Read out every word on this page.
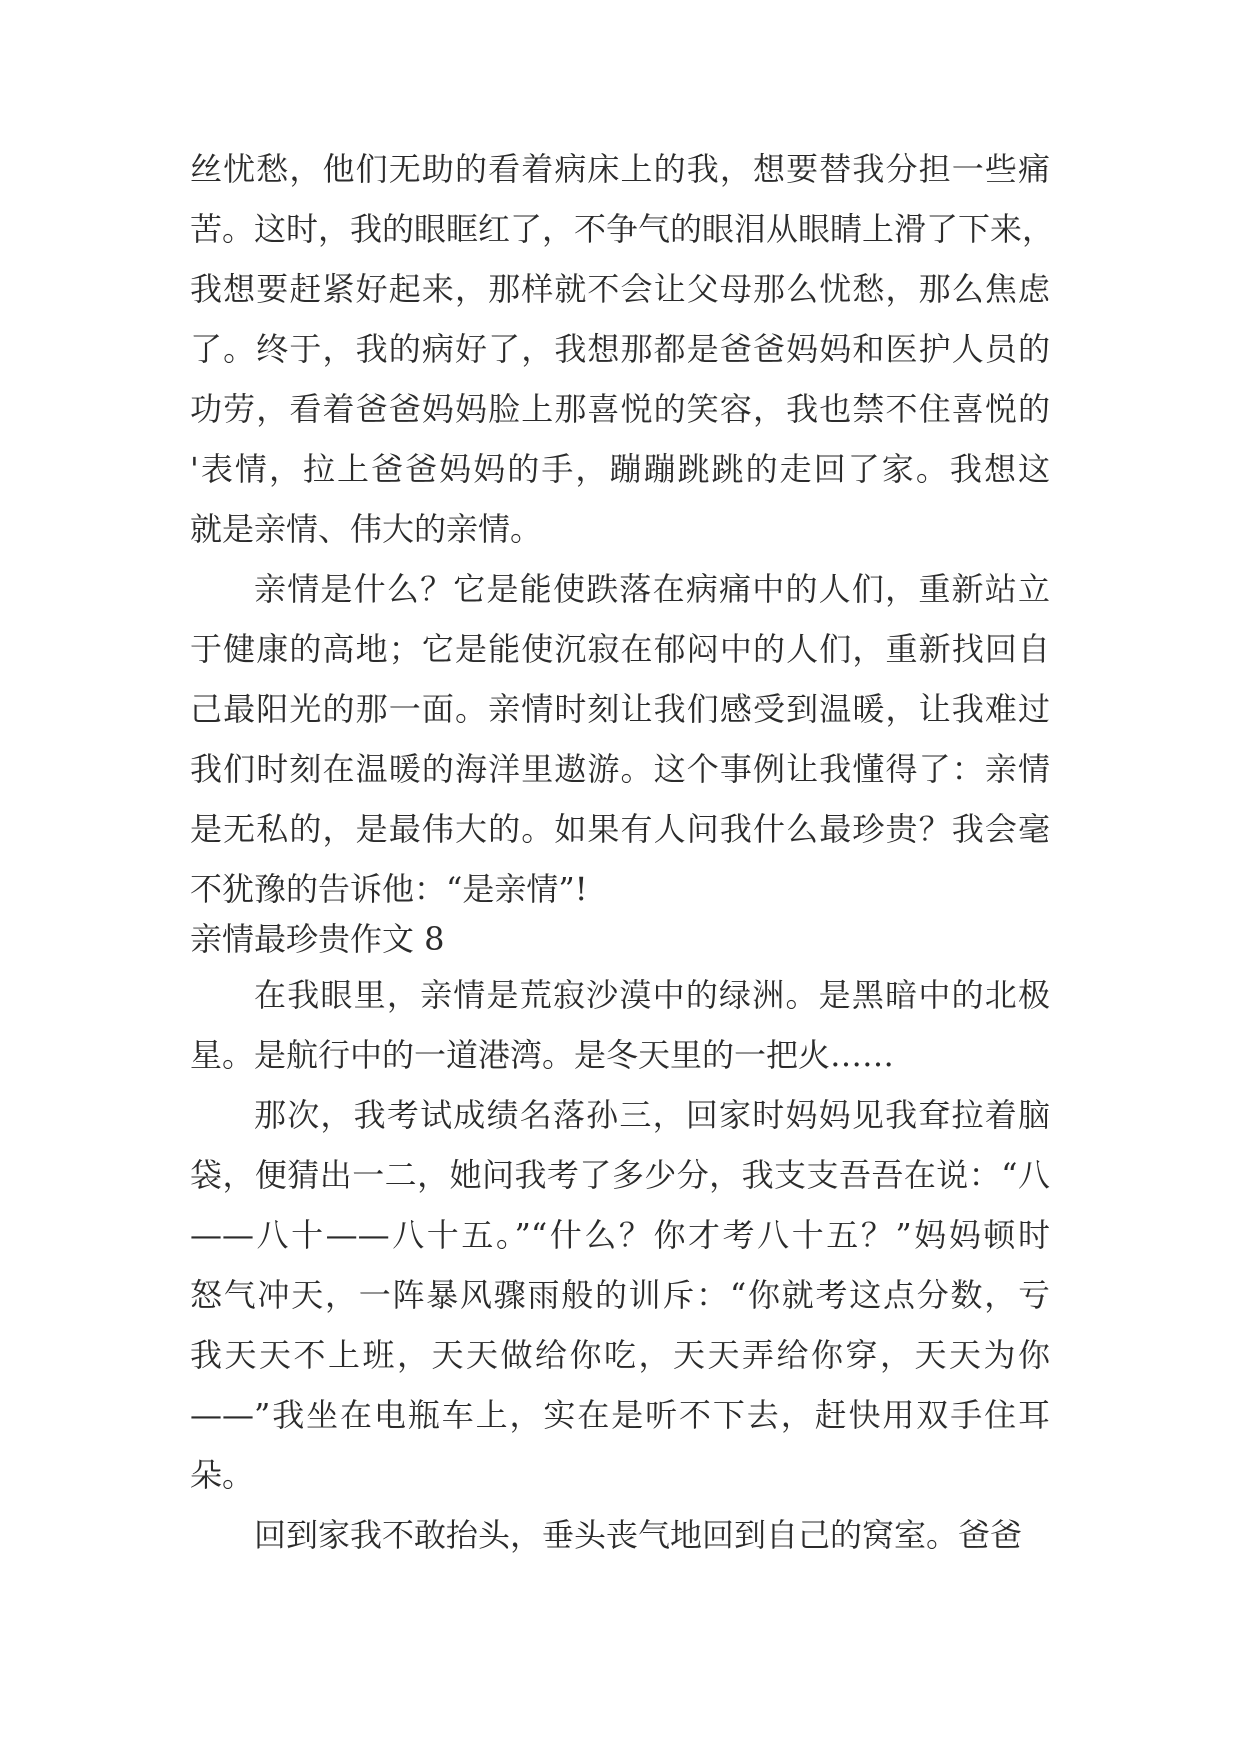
丝忧愁，他们无助的看着病床上的我，想要替我分担一些痛
苦。这时，我的眼眶红了，不争气的眼泪从眼睛上滑了下来，
我想要赶紧好起来，那样就不会让父母那么忧愁，那么焦虑
了。终于，我的病好了，我想那都是爸爸妈妈和医护人员的
功劳，看着爸爸妈妈脸上那喜悦的笑容，我也禁不住喜悦的
'表情，拉上爸爸妈妈的手，蹦蹦跳跳的走回了家。我想这
就是亲情、伟大的亲情。
亲情是什么？它是能使跌落在病痛中的人们，重新站立
于健康的高地；它是能使沉寂在郁闷中的人们，重新找回自
己最阳光的那一面。亲情时刻让我们感受到温暖，让我难过
我们时刻在温暖的海洋里遨游。这个事例让我懂得了：亲情
是无私的，是最伟大的。如果有人问我什么最珍贵？我会毫
不犹豫的告诉他：“是亲情”!
亲情最珍贵作文 8
在我眼里，亲情是荒寂沙漠中的绿洲。是黑暗中的北极
星。是航行中的一道港湾。是冬天里的一把火……
那次，我考试成绩名落孙三，回家时妈妈见我耷拉着脑
袋，便猜出一二，她问我考了多少分，我支支吾吾在说：“八
——八十——八十五。”“什么？你才考八十五？”妈妈顿时
怒气冲天，一阵暴风骤雨般的训斥：“你就考这点分数，亏
我天天不上班，天天做给你吃，天天弄给你穿，天天为你
——”我坐在电瓶车上，实在是听不下去，赶快用双手住耳
朵。
回到家我不敢抬头，垂头丧气地回到自己的窝室。爸爸
